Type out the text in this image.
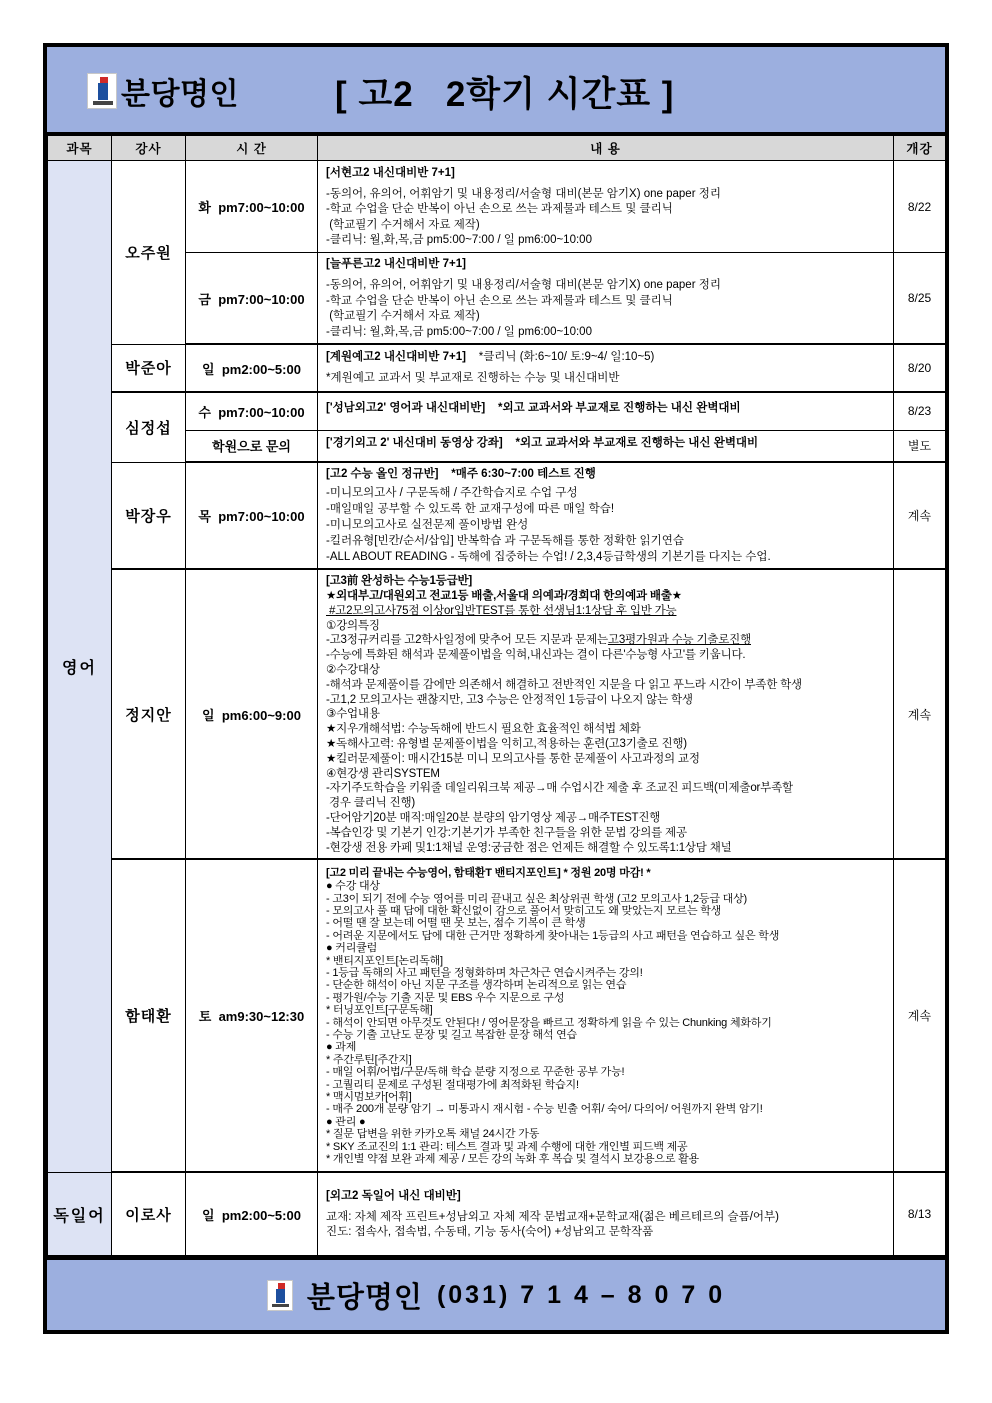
분당명인	[ 고2   2학기 시간표 ]
과목	강사	시 간	내 용	개강
영어	오주원	화  pm7:00~10:00	[서현고2 내신대비반 7+1]
-동의어, 유의어, 어휘암기 및 내용정리/서술형 대비(본문 암기X) one paper 정리
-학교 수업을 단순 반복이 아닌 손으로 쓰는 과제물과 테스트 및 클리닉
(학교필기 수거해서 자료 제작)
-클리닉: 월,화,목,금 pm5:00~7:00 / 일 pm6:00~10:00	8/22
		금  pm7:00~10:00	[늘푸른고2 내신대비반 7+1]
-동의어, 유의어, 어휘암기 및 내용정리/서술형 대비(본문 암기X) one paper 정리
-학교 수업을 단순 반복이 아닌 손으로 쓰는 과제물과 테스트 및 클리닉
(학교필기 수거해서 자료 제작)
-클리닉: 월,화,목,금 pm5:00~7:00 / 일 pm6:00~10:00	8/25
	박준아	일  pm2:00~5:00	[계원예고2 내신대비반 7+1]    *클리닉 (화:6~10/ 토:9~4/ 일:10~5)
*계원예고 교과서 및 부교재로 진행하는 수능 및 내신대비반	8/20
	심정섭	수  pm7:00~10:00	['성남외고2' 영어과 내신대비반]    *외고 교과서와 부교재로 진행하는 내신 완벽대비	8/23
		학원으로 문의	['경기외고 2' 내신대비 동영상 강좌]    *외고 교과서와 부교재로 진행하는 내신 완벽대비	별도
박장우	목  pm7:00~10:00	
[고2 수능 올인 정규반]    *매주 6:30~7:00 테스트 진행
-미니모의고사 / 구문독해 / 주간학습지로 수업 구성
-매일매일 공부할 수 있도록 한 교재구성에 따른 매일 학습!
-미니모의고사로 실전문제 풀이방법 완성
-킬러유형[빈칸/순서/삽입] 반복학습 과 구문독해를 통한 정확한 읽기연습
-ALL ABOUT READING - 독해에 집중하는 수업! / 2,3,4등급학생의 기본기를 다지는 수업.
	계속
정지안	일  pm6:00~9:00	
[고3前 완성하는 수능1등급반]
★외대부고/대원외고 전교1등 배출,서울대 의예과/경희대 한의예과 배출★
#고2모의고사75점 이상or입반TEST를 통한 선생님1:1상담 후 입반 가능
①강의특징
-고3정규커리를 고2학사일정에 맞추어 모든 지문과 문제는고3평가원과 수능 기출로진행
-수능에 특화된 해석과 문제풀이법을 익혀,내신과는 결이 다른'수능형 사고'를 키웁니다.
②수강대상
-해석과 문제풀이를 감에만 의존해서 해결하고 전반적인 지문을 다 읽고 푸느라 시간이 부족한 학생
-고1,2 모의고사는 괜찮지만, 고3 수능은 안정적인 1등급이 나오지 않는 학생
③수업내용
★지우개해석법: 수능독해에 반드시 필요한 효율적인 해석법 체화
★독해사고력: 유형별 문제풀이법을 익히고,적용하는 훈련(고3기출로 진행)
★킬러문제풀이: 매시간15분 미니 모의고사를 통한 문제풀이 사고과정의 교정
④현강생 관리SYSTEM
-자기주도학습을 키워줄 데일리워크북 제공→매 수업시간 제출 후 조교진 피드백(미제출or부족할
경우 클리닉 진행)
-단어암기20분 매직:매일20분 분량의 암기영상 제공→매주TEST진행
-복습인강 및 기본기 인강:기본기가 부족한 친구들을 위한 문법 강의를 제공
-현강생 전용 카페 및1:1채널 운영:궁금한 점은 언제든 해결할 수 있도록1:1상담 채널
	계속
함태환	토  am9:30~12:30	
[고2 미리 끝내는 수능영어, 함태환T 밴티지포인트] * 정원 20명 마감! *
● 수강 대상
- 고3이 되기 전에 수능 영어를 미리 끝내고 싶은 최상위권 학생 (고2 모의고사 1,2등급 대상)
- 모의고사 풀 때 답에 대한 확신없이 감으로 풀어서 맞히고도 왜 맞았는지 모르는 학생
- 어떨 땐 잘 보는데 어떨 땐 못 보는, 점수 기복이 큰 학생
- 어려운 지문에서도 답에 대한 근거만 정확하게 찾아내는 1등급의 사고 패턴을 연습하고 싶은 학생
● 커리큘럼
* 밴티지포인트[논리독해]
- 1등급 독해의 사고 패턴을 정형화하며 차근차근 연습시켜주는 강의!
- 단순한 해석이 아닌 지문 구조를 생각하며 논리적으로 읽는 연습
- 평가원/수능 기출 지문 및 EBS 우수 지문으로 구성
* 터닝포인트[구문독해]
- 해석이 안되면 아무것도 안된다! / 영어문장을 빠르고 정확하게 읽을 수 있는 Chunking 체화하기
- 수능 기출 고난도 문장 및 길고 복잡한 문장 해석 연습
● 과제
* 주간루틴[주간지]
- 매일 어휘/어법/구문/독해 학습 분량 지정으로 꾸준한 공부 가능!
- 고퀄리티 문제로 구성된 절대평가에 최적화된 학습지!
* 맥시멈보카[어휘]
- 매주 200개 분량 암기 → 미통과시 재시험 - 수능 빈출 어휘/ 숙어/ 다의어/ 어원까지 완벽 암기!
● 관리 ●
* 질문 답변을 위한 카카오톡 채널 24시간 가동
* SKY 조교진의 1:1 관리: 테스트 결과 및 과제 수행에 대한 개인별 피드백 제공
* 개인별 약점 보완 과제 제공 / 모든 강의 녹화 후 복습 및 결석시 보강용으로 활용
	계속
독일어	이로사	일  pm2:00~5:00	[외고2 독일어 내신 대비반]
교재: 자체 제작 프린트+성남외고 자체 제작 문법교재+문학교재(젊은 베르테르의 슬픔/어부)
진도: 접속사, 접속법, 수동태, 기능 동사(숙어) +성남외고 문학작품	8/13
분당명인 (031) 7 1 4 – 8 0 7 0
